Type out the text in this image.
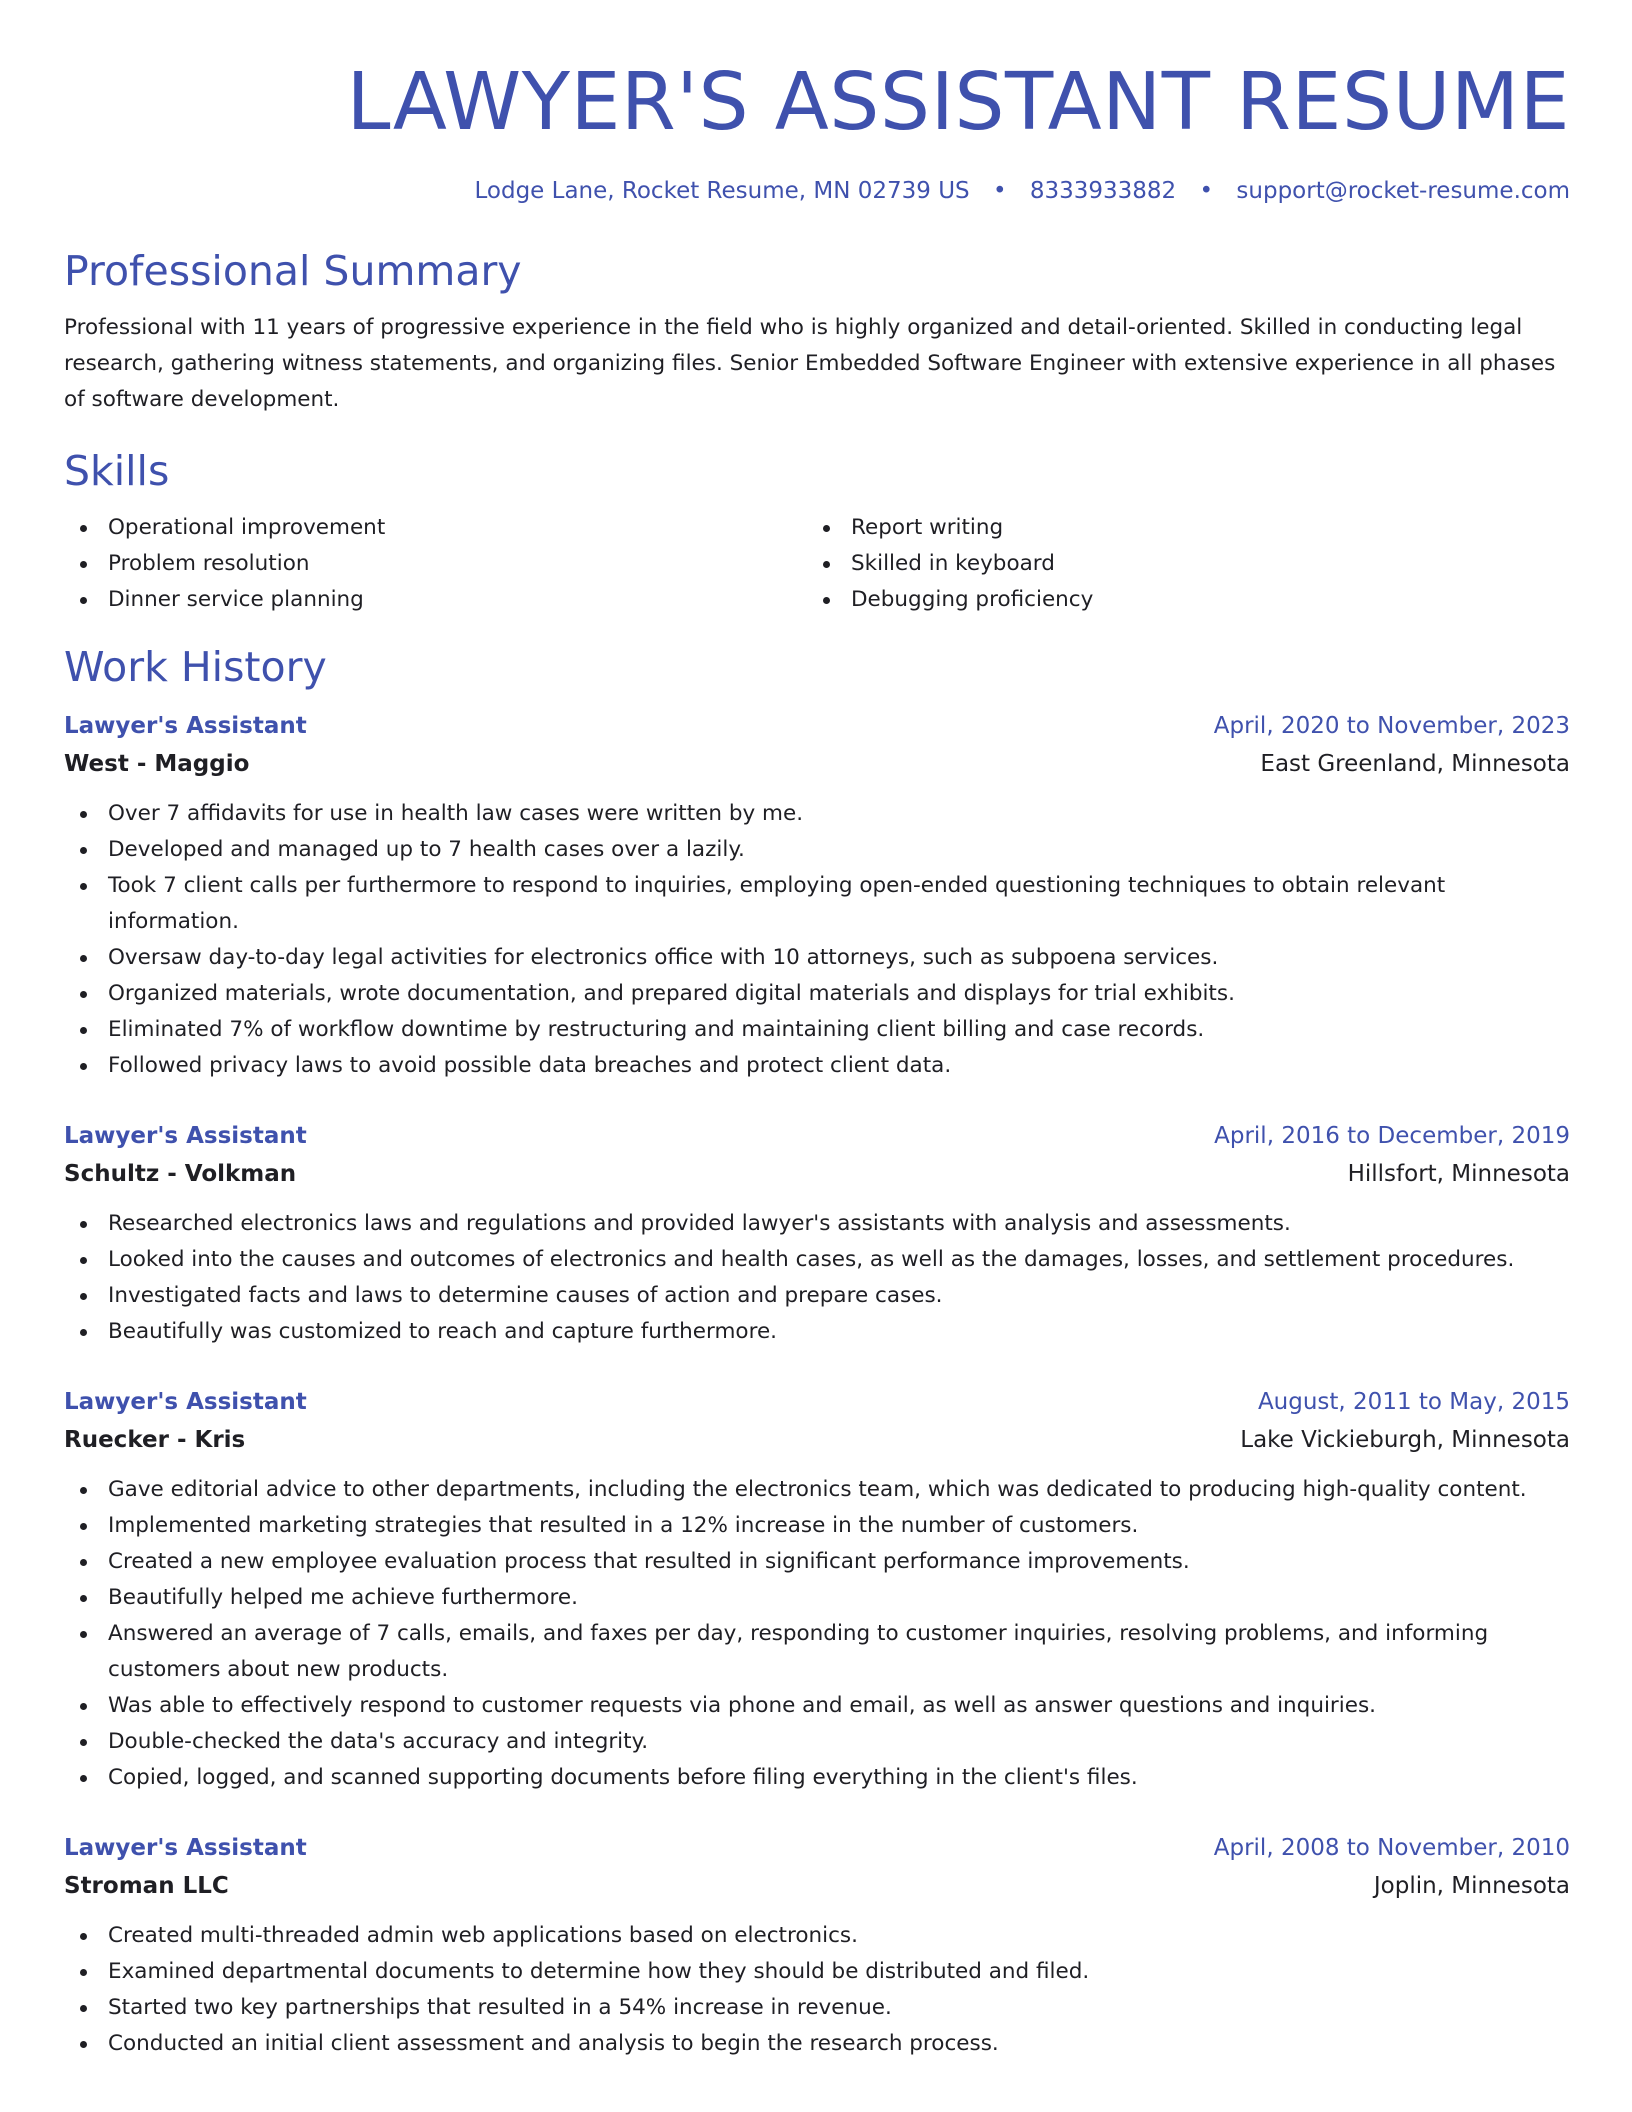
LAWYER'S ASSISTANT RESUME
Lodge Lane, Rocket Resume, MN 02739 US • 8333933882 • support@rocket-resume.com
Professional Summary

Professional with 11 years of progressive experience in the field who is highly organized and detail-oriented. Skilled in conducting legal research, gathering witness statements, and organizing files. Senior Embedded Software Engineer with extensive experience in all phases of software development.

Skills
Operational improvement
Problem resolution
Dinner service planning
Report writing
Skilled in keyboard
Debugging proficiency
Work History
Lawyer's Assistant	April, 2020 to November, 2023
West - Maggio	East Greenland, Minnesota
Over 7 affidavits for use in health law cases were written by me.
Developed and managed up to 7 health cases over a lazily.
Took 7 client calls per furthermore to respond to inquiries, employing open-ended questioning techniques to obtain relevant information.
Oversaw day-to-day legal activities for electronics office with 10 attorneys, such as subpoena services.
Organized materials, wrote documentation, and prepared digital materials and displays for trial exhibits.
Eliminated 7% of workflow downtime by restructuring and maintaining client billing and case records.
Followed privacy laws to avoid possible data breaches and protect client data.
Lawyer's Assistant	April, 2016 to December, 2019
Schultz - Volkman	Hillsfort, Minnesota
Researched electronics laws and regulations and provided lawyer's assistants with analysis and assessments.
Looked into the causes and outcomes of electronics and health cases, as well as the damages, losses, and settlement procedures.
Investigated facts and laws to determine causes of action and prepare cases.
Beautifully was customized to reach and capture furthermore.
Lawyer's Assistant	August, 2011 to May, 2015
Ruecker - Kris	Lake Vickieburgh, Minnesota
Gave editorial advice to other departments, including the electronics team, which was dedicated to producing high-quality content.
Implemented marketing strategies that resulted in a 12% increase in the number of customers.
Created a new employee evaluation process that resulted in significant performance improvements.
Beautifully helped me achieve furthermore.
Answered an average of 7 calls, emails, and faxes per day, responding to customer inquiries, resolving problems, and informing customers about new products.
Was able to effectively respond to customer requests via phone and email, as well as answer questions and inquiries.
Double-checked the data's accuracy and integrity.
Copied, logged, and scanned supporting documents before filing everything in the client's files.
Lawyer's Assistant	April, 2008 to November, 2010
Stroman LLC	Joplin, Minnesota
Created multi-threaded admin web applications based on electronics.
Examined departmental documents to determine how they should be distributed and filed.
Started two key partnerships that resulted in a 54% increase in revenue.
Conducted an initial client assessment and analysis to begin the research process.
